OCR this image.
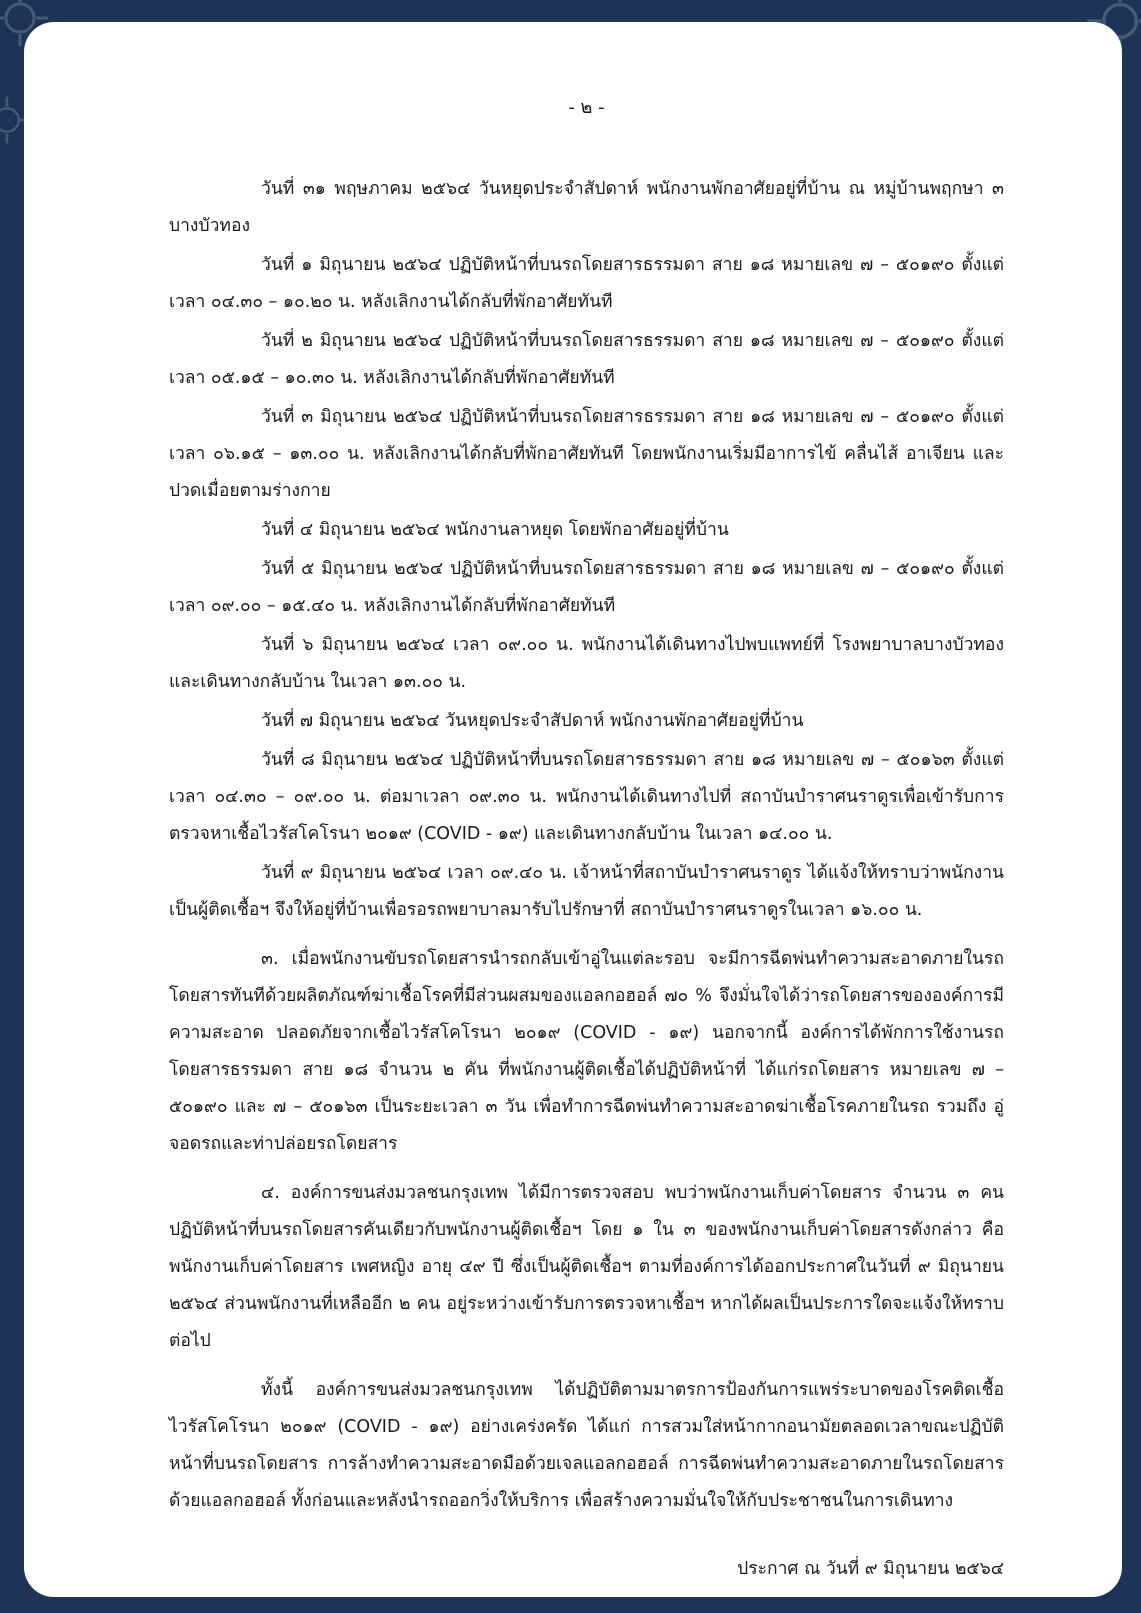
- ๒ -

วันที่ ๓๑ พฤษภาคม ๒๕๖๔ วันหยุดประจำสัปดาห์ พนักงานพักอาศัยอยู่ที่บ้าน ณ หมู่บ้านพฤกษา ๓ บางบัวทอง

วันที่ ๑ มิถุนายน ๒๕๖๔ ปฏิบัติหน้าที่บนรถโดยสารธรรมดา สาย ๑๘ หมายเลข ๗ – ๕๐๑๙๐ ตั้งแต่เวลา ๐๔.๓๐ – ๑๐.๒๐ น. หลังเลิกงานได้กลับที่พักอาศัยทันที

วันที่ ๒ มิถุนายน ๒๕๖๔ ปฏิบัติหน้าที่บนรถโดยสารธรรมดา สาย ๑๘ หมายเลข ๗ – ๕๐๑๙๐ ตั้งแต่เวลา ๐๕.๑๕ – ๑๐.๓๐ น. หลังเลิกงานได้กลับที่พักอาศัยทันที

วันที่ ๓ มิถุนายน ๒๕๖๔ ปฏิบัติหน้าที่บนรถโดยสารธรรมดา สาย ๑๘ หมายเลข ๗ – ๕๐๑๙๐ ตั้งแต่เวลา ๐๖.๑๕ – ๑๓.๐๐ น. หลังเลิกงานได้กลับที่พักอาศัยทันที โดยพนักงานเริ่มมีอาการไข้ คลื่นไส้ อาเจียน และปวดเมื่อยตามร่างกาย

วันที่ ๔ มิถุนายน ๒๕๖๔ พนักงานลาหยุด โดยพักอาศัยอยู่ที่บ้าน

วันที่ ๕ มิถุนายน ๒๕๖๔ ปฏิบัติหน้าที่บนรถโดยสารธรรมดา สาย ๑๘ หมายเลข ๗ – ๕๐๑๙๐ ตั้งแต่เวลา ๐๙.๐๐ – ๑๕.๔๐ น. หลังเลิกงานได้กลับที่พักอาศัยทันที

วันที่ ๖ มิถุนายน ๒๕๖๔ เวลา ๐๙.๐๐ น. พนักงานได้เดินทางไปพบแพทย์ที่ โรงพยาบาลบางบัวทองและเดินทางกลับบ้าน ในเวลา ๑๓.๐๐ น.

วันที่ ๗ มิถุนายน ๒๕๖๔ วันหยุดประจำสัปดาห์ พนักงานพักอาศัยอยู่ที่บ้าน

วันที่ ๘ มิถุนายน ๒๕๖๔ ปฏิบัติหน้าที่บนรถโดยสารธรรมดา สาย ๑๘ หมายเลข ๗ – ๕๐๑๖๓ ตั้งแต่เวลา ๐๔.๓๐ – ๐๙.๐๐ น. ต่อมาเวลา ๐๙.๓๐ น. พนักงานได้เดินทางไปที่ สถาบันบำราศนราดูรเพื่อเข้ารับการตรวจหาเชื้อไวรัสโคโรนา ๒๐๑๙ (COVID - ๑๙) และเดินทางกลับบ้าน ในเวลา ๑๔.๐๐ น.

วันที่ ๙ มิถุนายน ๒๕๖๔ เวลา ๐๙.๔๐ น. เจ้าหน้าที่สถาบันบำราศนราดูร ได้แจ้งให้ทราบว่าพนักงานเป็นผู้ติดเชื้อฯ จึงให้อยู่ที่บ้านเพื่อรอรถพยาบาลมารับไปรักษาที่ สถาบันบำราศนราดูรในเวลา ๑๖.๐๐ น.

๓. เมื่อพนักงานขับรถโดยสารนำรถกลับเข้าอู่ในแต่ละรอบ จะมีการฉีดพ่นทำความสะอาดภายในรถโดยสารทันทีด้วยผลิตภัณฑ์ฆ่าเชื้อโรคที่มีส่วนผสมของแอลกอฮอล์ ๗๐ % จึงมั่นใจได้ว่ารถโดยสารขององค์การมีความสะอาด ปลอดภัยจากเชื้อไวรัสโคโรนา ๒๐๑๙ (COVID - ๑๙) นอกจากนี้ องค์การได้พักการใช้งานรถโดยสารธรรมดา สาย ๑๘ จำนวน ๒ คัน ที่พนักงานผู้ติดเชื้อได้ปฏิบัติหน้าที่ ได้แก่รถโดยสาร หมายเลข ๗ – ๕๐๑๙๐ และ ๗ – ๕๐๑๖๓ เป็นระยะเวลา ๓ วัน เพื่อทำการฉีดพ่นทำความสะอาดฆ่าเชื้อโรคภายในรถ รวมถึง อู่จอดรถและท่าปล่อยรถโดยสาร

๔. องค์การขนส่งมวลชนกรุงเทพ ได้มีการตรวจสอบ พบว่าพนักงานเก็บค่าโดยสาร จำนวน ๓ คน ปฏิบัติหน้าที่บนรถโดยสารคันเดียวกับพนักงานผู้ติดเชื้อฯ โดย ๑ ใน ๓ ของพนักงานเก็บค่าโดยสารดังกล่าว คือ พนักงานเก็บค่าโดยสาร เพศหญิง อายุ ๔๙ ปี ซึ่งเป็นผู้ติดเชื้อฯ ตามที่องค์การได้ออกประกาศในวันที่ ๙ มิถุนายน ๒๕๖๔ ส่วนพนักงานที่เหลืออีก ๒ คน อยู่ระหว่างเข้ารับการตรวจหาเชื้อฯ หากได้ผลเป็นประการใดจะแจ้งให้ทราบต่อไป

ทั้งนี้ องค์การขนส่งมวลชนกรุงเทพ ได้ปฏิบัติตามมาตรการป้องกันการแพร่ระบาดของโรคติดเชื้อไวรัสโคโรนา ๒๐๑๙ (COVID - ๑๙) อย่างเคร่งครัด ได้แก่ การสวมใส่หน้ากากอนามัยตลอดเวลาขณะปฏิบัติหน้าที่บนรถโดยสาร การล้างทำความสะอาดมือด้วยเจลแอลกอฮอล์ การฉีดพ่นทำความสะอาดภายในรถโดยสารด้วยแอลกอฮอล์ ทั้งก่อนและหลังนำรถออกวิ่งให้บริการ เพื่อสร้างความมั่นใจให้กับประชาชนในการเดินทาง

ประกาศ ณ วันที่ ๙ มิถุนายน ๒๕๖๔
